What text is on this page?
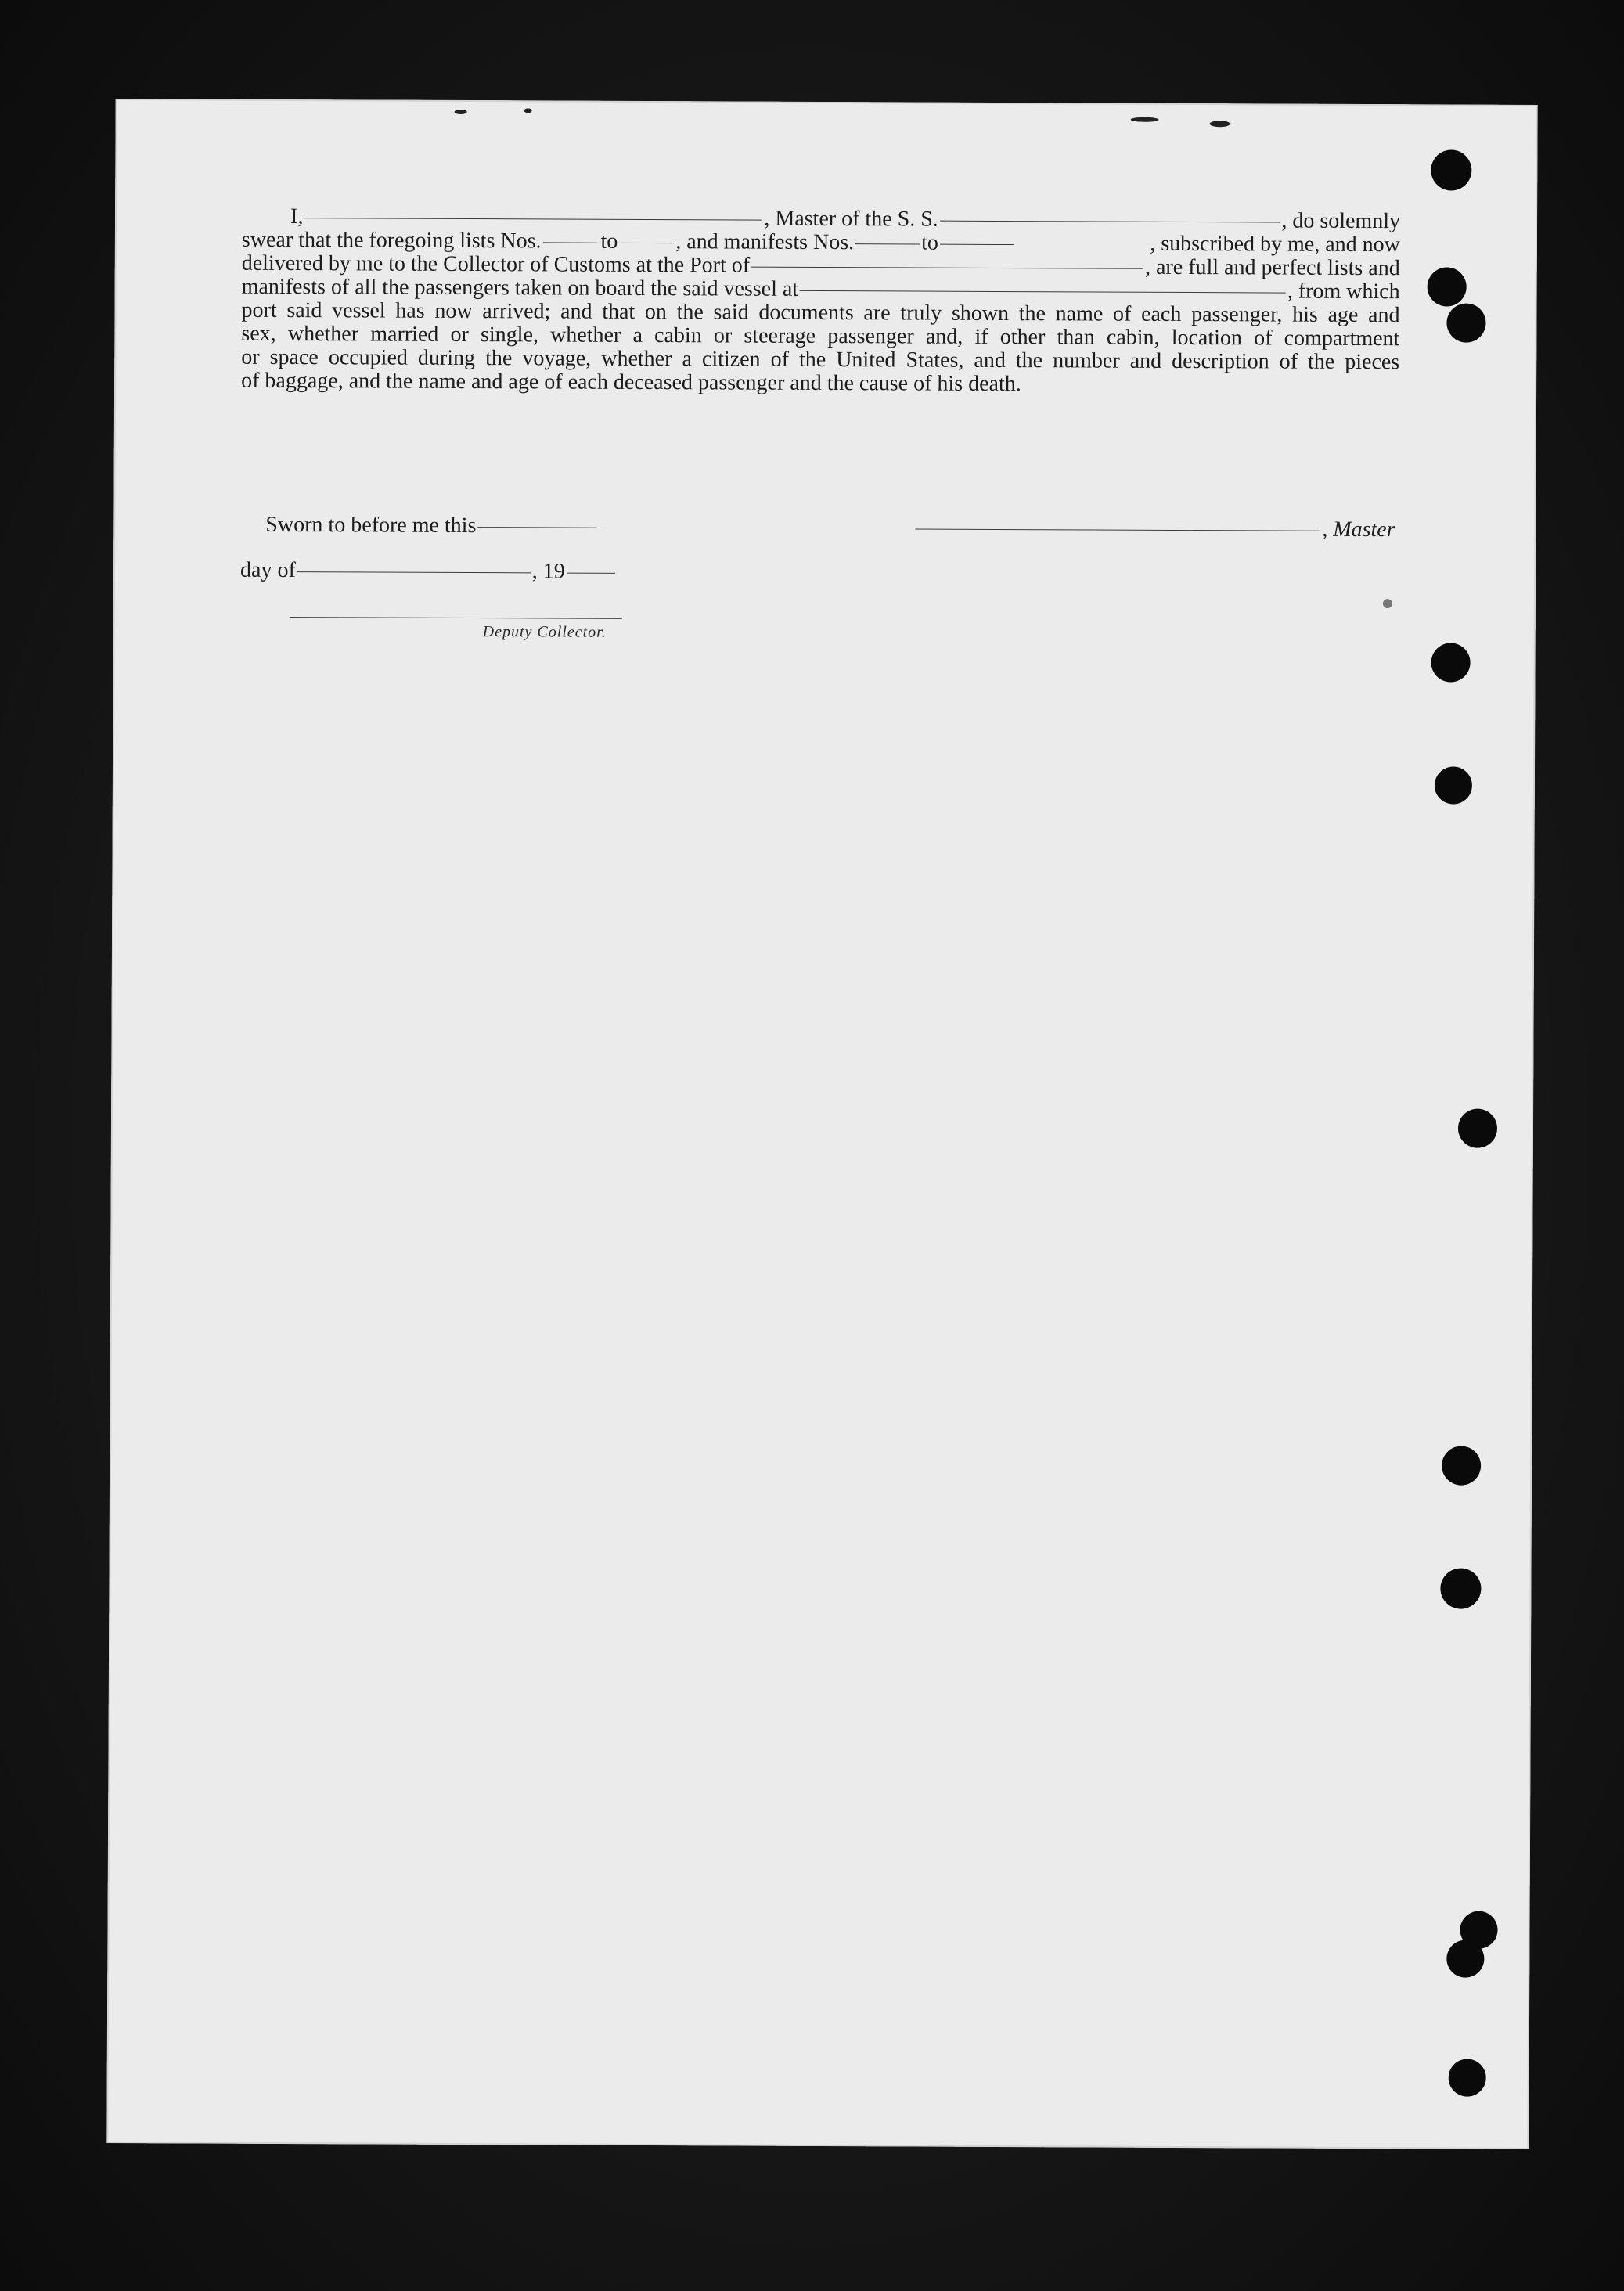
I,	, Master of the S. S.	, do solemnly
swear that the foregoing lists Nos.	to	, and manifests Nos.	to	, subscribed by me, and now
delivered by me to the Collector of Customs at the Port of	, are full and perfect lists and
manifests of all the passengers taken on board the said vessel at	, from which
port said vessel has now arrived; and that on the said documents are truly shown the name of each passenger, his age and
sex, whether married or single, whether a cabin or steerage passenger and, if other than cabin, location of compartment
or space occupied during the voyage, whether a citizen of the United States, and the number and description of the pieces
of baggage, and the name and age of each deceased passenger and the cause of his death.
Sworn to before me this
day of	, 19
, Master
Deputy Collector.
